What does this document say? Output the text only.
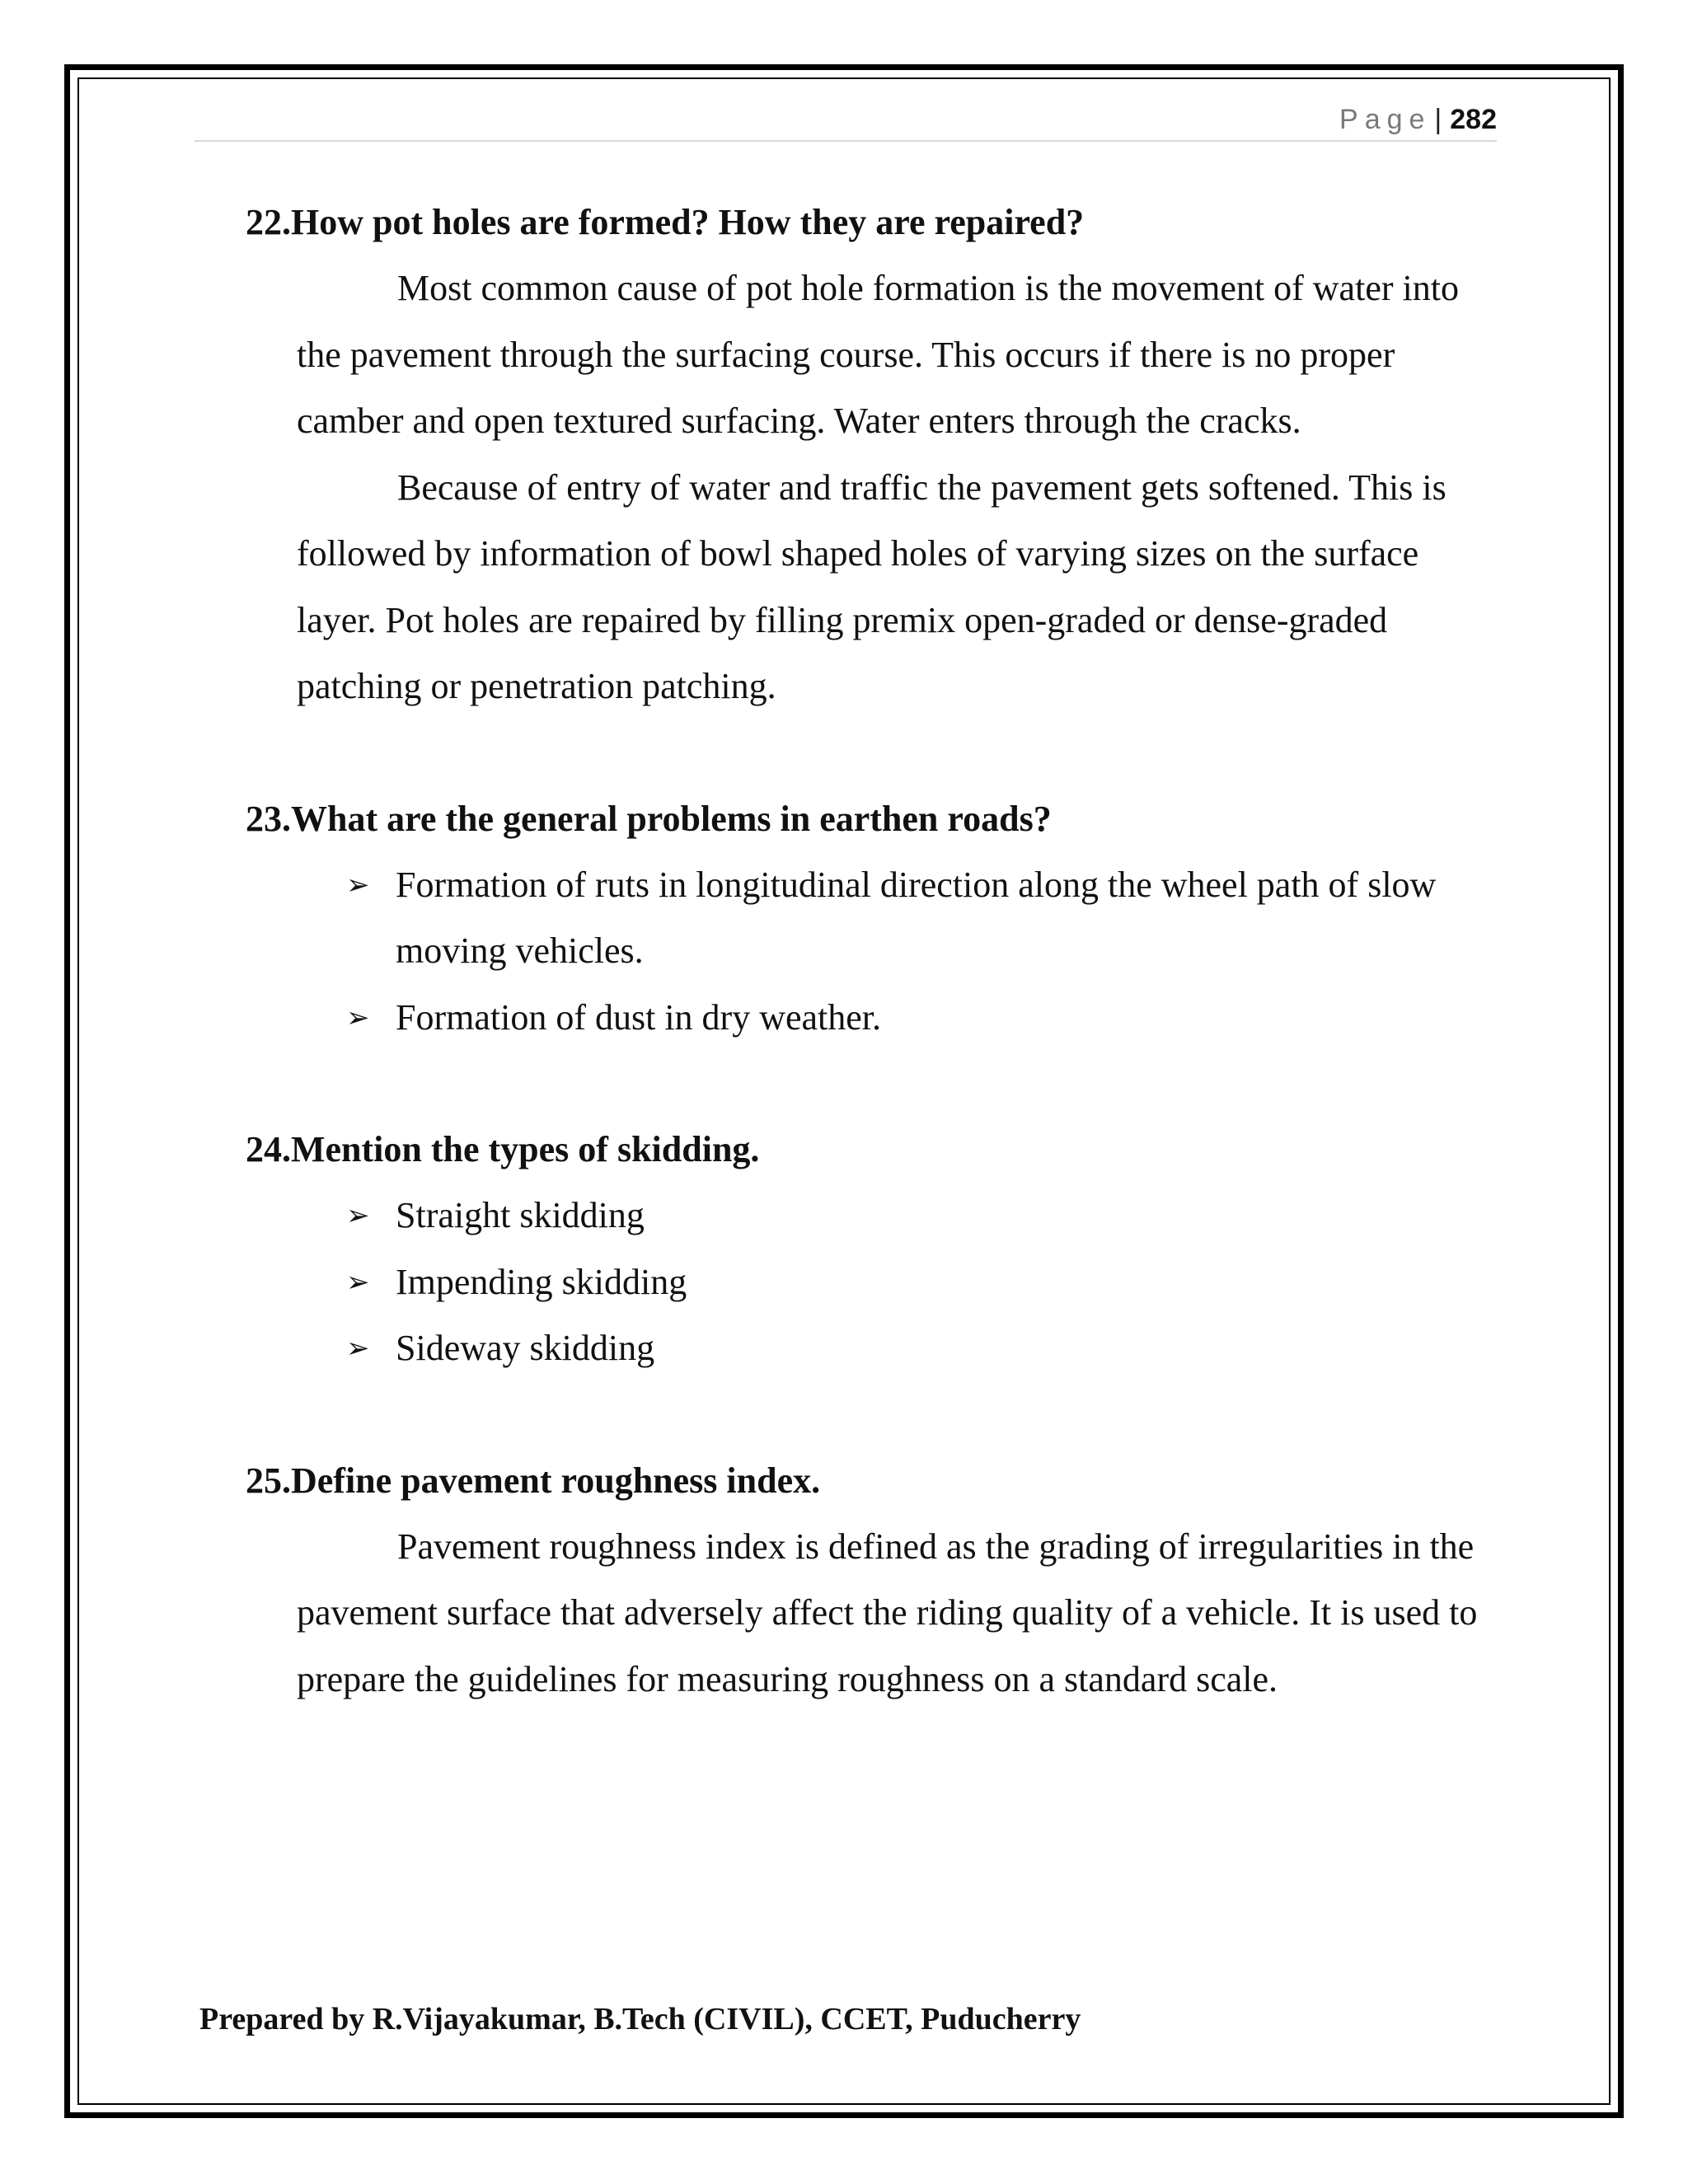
Page | 282

22.How pot holes are formed? How they are repaired?

Most common cause of pot hole formation is the movement of water into the pavement through the surfacing course. This occurs if there is no proper camber and open textured surfacing. Water enters through the cracks.

Because of entry of water and traffic the pavement gets softened. This is followed by information of bowl shaped holes of varying sizes on the surface layer. Pot holes are repaired by filling premix open-graded or dense-graded patching or penetration patching.

23.What are the general problems in earthen roads?

➢ Formation of ruts in longitudinal direction along the wheel path of slow moving vehicles.
➢ Formation of dust in dry weather.

24.Mention the types of skidding.

➢ Straight skidding
➢ Impending skidding
➢ Sideway skidding

25.Define pavement roughness index.

Pavement roughness index is defined as the grading of irregularities in the pavement surface that adversely affect the riding quality of a vehicle. It is used to prepare the guidelines for measuring roughness on a standard scale.

Prepared by R.Vijayakumar, B.Tech (CIVIL), CCET, Puducherry
